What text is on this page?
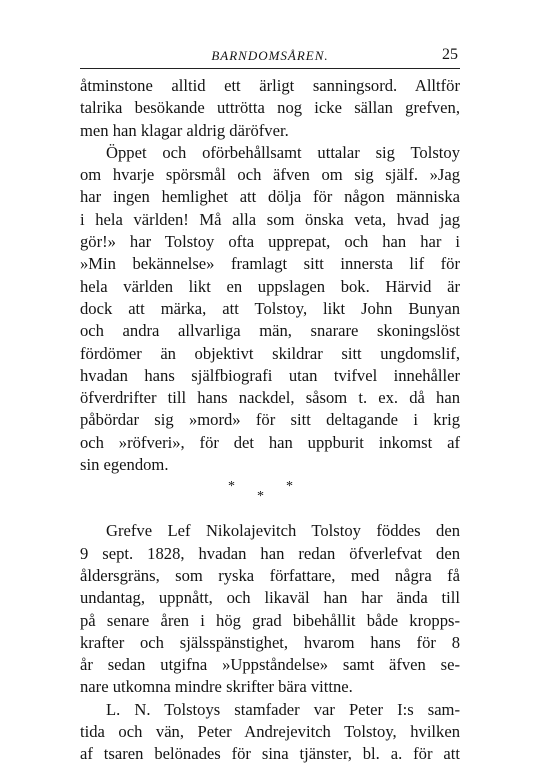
BARNDOMSÅREN.	25
åtminstone alltid ett ärligt sanningsord. Alltför
talrika besökande uttrötta nog icke sällan grefven,
men han klagar aldrig däröfver.
Öppet och oförbehållsamt uttalar sig Tolstoy
om hvarje spörsmål och äfven om sig själf. »Jag
har ingen hemlighet att dölja för någon människa
i hela världen! Må alla som önska veta, hvad jag
gör!» har Tolstoy ofta upprepat, och han har i
»Min bekännelse» framlagt sitt innersta lif för
hela världen likt en uppslagen bok. Härvid är
dock att märka, att Tolstoy, likt John Bunyan
och andra allvarliga män, snarare skoningslöst
fördömer än objektivt skildrar sitt ungdomslif,
hvadan hans själfbiografi utan tvifvel innehåller
öfverdrifter till hans nackdel, såsom t. ex. då han
påbördar sig »mord» för sitt deltagande i krig
och »röfveri», för det han uppburit inkomst af
sin egendom.
*	*
*
Grefve Lef Nikolajevitch Tolstoy föddes den
9 sept. 1828, hvadan han redan öfverlefvat den
åldersgräns, som ryska författare, med några få
undantag, uppnått, och likaväl han har ända till
på senare åren i hög grad bibehållit både kropps-
krafter och själsspänstighet, hvarom hans för 8
år sedan utgifna »Uppståndelse» samt äfven se-
nare utkomna mindre skrifter bära vittne.
L. N. Tolstoys stamfader var Peter I:s sam-
tida och vän, Peter Andrejevitch Tolstoy, hvilken
af tsaren belönades för sina tjänster, bl. a. för att
